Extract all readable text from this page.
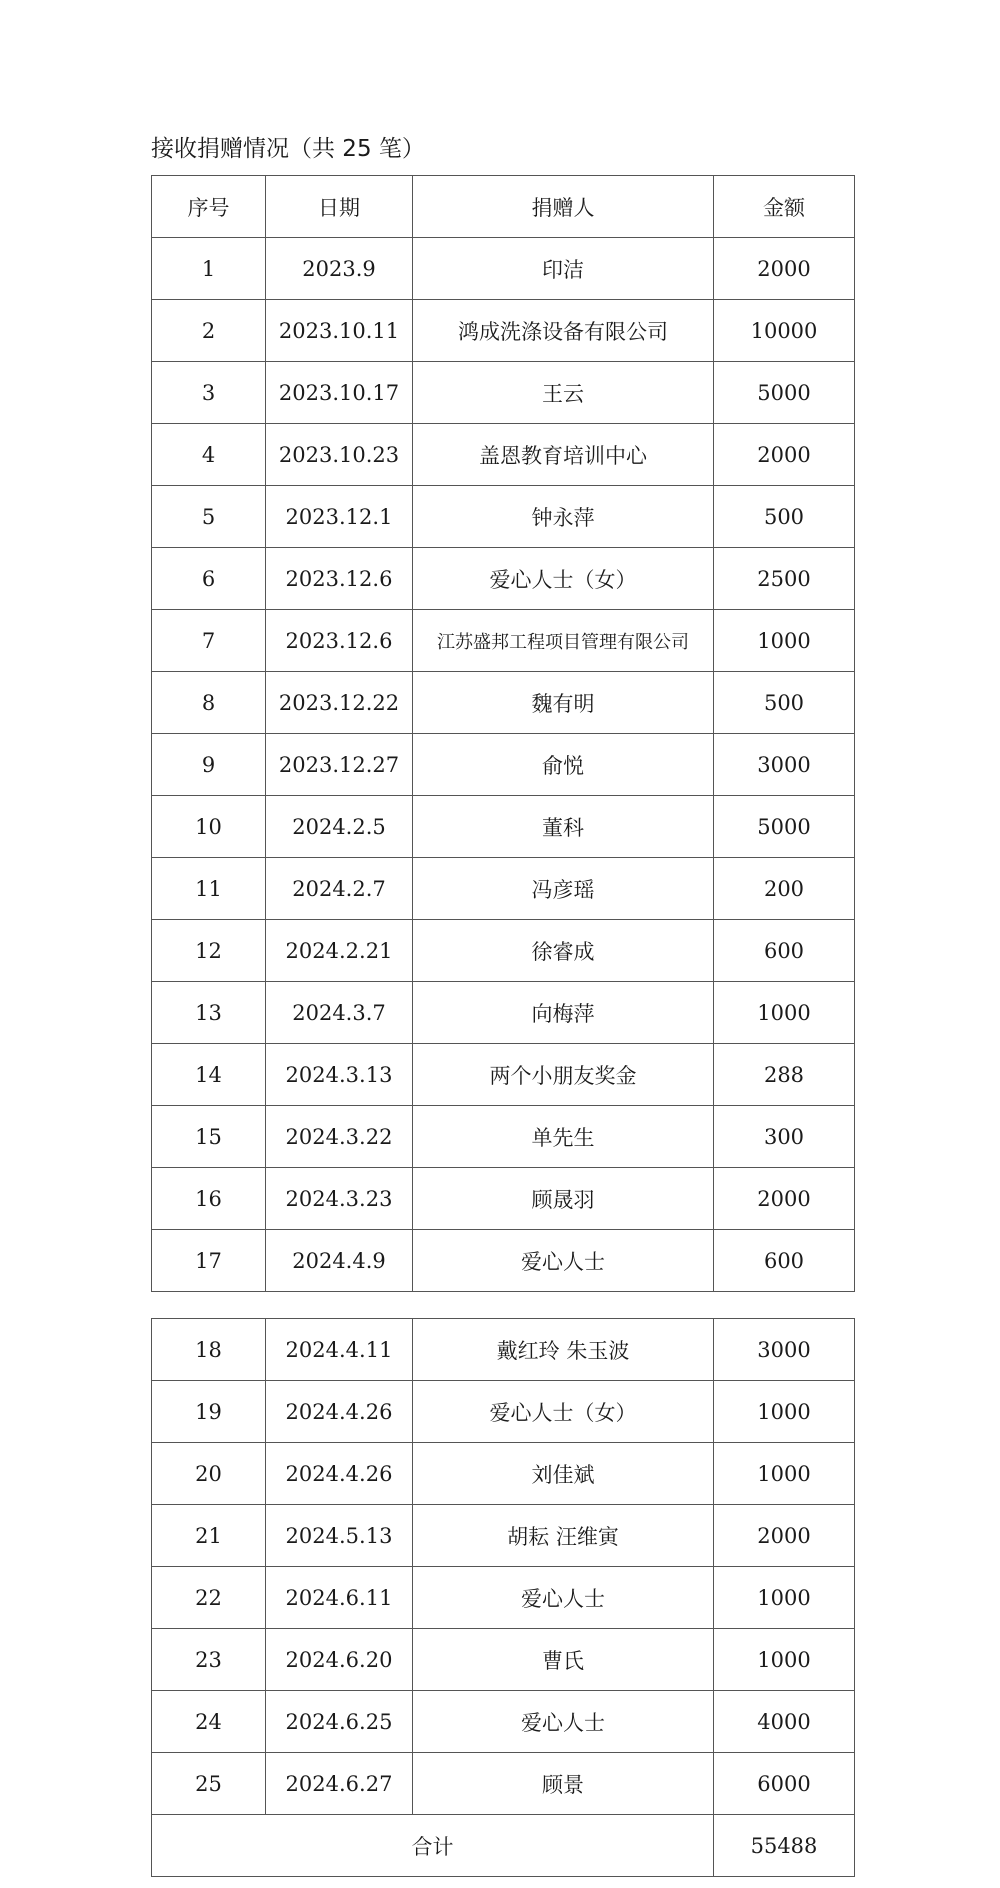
接收捐赠情况（共 25 笔）
序号	日期	捐赠人	金额
1	2023.9	印洁	2000
2	2023.10.11	鸿成洗涤设备有限公司	10000
3	2023.10.17	王云	5000
4	2023.10.23	盖恩教育培训中心	2000
5	2023.12.1	钟永萍	500
6	2023.12.6	爱心人士（女）	2500
7	2023.12.6	江苏盛邦工程项目管理有限公司	1000
8	2023.12.22	魏有明	500
9	2023.12.27	俞悦	3000
10	2024.2.5	董科	5000
11	2024.2.7	冯彦瑶	200
12	2024.2.21	徐睿成	600
13	2024.3.7	向梅萍	1000
14	2024.3.13	两个小朋友奖金	288
15	2024.3.22	单先生	300
16	2024.3.23	顾晟羽	2000
17	2024.4.9	爱心人士	600
18	2024.4.11	戴红玲 朱玉波	3000
19	2024.4.26	爱心人士（女）	1000
20	2024.4.26	刘佳斌	1000
21	2024.5.13	胡耘 汪维寅	2000
22	2024.6.11	爱心人士	1000
23	2024.6.20	曹氏	1000
24	2024.6.25	爱心人士	4000
25	2024.6.27	顾景	6000
合计			55488
